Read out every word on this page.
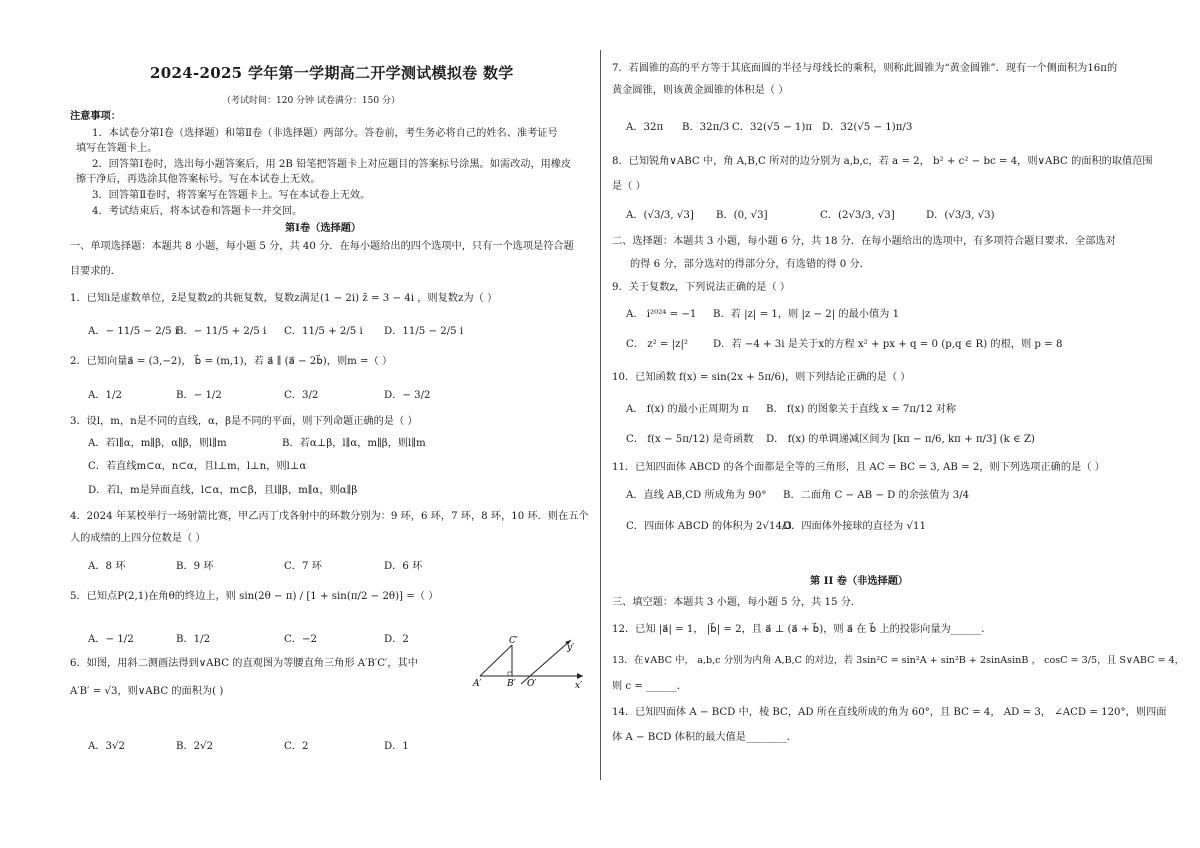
2024-2025 学年第一学期高二开学测试模拟卷 数学
（考试时间：120 分钟 试卷满分：150 分）
注意事项：
1．本试卷分第Ⅰ卷（选择题）和第Ⅱ卷（非选择题）两部分。答卷前，考生务必将自己的姓名、准考证号
填写在答题卡上。
2．回答第Ⅰ卷时，选出每小题答案后，用 2B 铅笔把答题卡上对应题目的答案标号涂黑。如需改动，用橡皮
擦干净后，再选涂其他答案标号。写在本试卷上无效。
3．回答第Ⅱ卷时，将答案写在答题卡上。写在本试卷上无效。
4．考试结束后，将本试卷和答题卡一并交回。
第Ⅰ卷（选择题）
一、单项选择题：本题共 8 小题，每小题 5 分，共 40 分．在每小题给出的四个选项中，只有一个选项是符合题
目要求的．
1．已知i是虚数单位，z̄是复数z的共轭复数，复数z满足(1 − 2i) z̄ = 3 − 4i ，则复数z为（ ）
A．− 11/5 − 2/5 i
B．− 11/5 + 2/5 i C．11/5 + 2/5 i D．11/5 − 2/5 i
2．已知向量a⃗ = (3,−2)， b⃗ = (m,1)，若 a⃗ ∥ (a⃗ − 2b⃗)，则m =（ ）
A．1/2	B．− 1/2	C．3/2	D．− 3/2
3．设l，m，n是不同的直线，α，β是不同的平面，则下列命题正确的是（ ）
A．若l∥α，m∥β，α∥β，则l∥m	B．若α⊥β，l∥α，m∥β，则l∥m
C．若直线m⊂α，n⊂α，且l⊥m，l⊥n，则l⊥α
D．若l，m是异面直线，l⊂α，m⊂β，且l∥β，m∥α，则α∥β
4．2024 年某校举行一场射箭比赛，甲乙丙丁戊各射中的环数分别为：9 环，6 环，7 环，8 环，10 环．则在五个
人的成绩的上四分位数是（ ）
A．8 环	B．9 环	C．7 环	D．6 环
5．已知点P(2,1)在角θ的终边上，则 sin(2θ − π) / [1 + sin(π/2 − 2θ)] =（ ）
A．− 1/2	B．1/2	C．−2	D．2
6．如图，用斜二测画法得到∨ABC 的直观图为等腰直角三角形 A′B′C′，其中
A′B′ = √3，则∨ABC 的面积为( )
C′
y′
A′	B′ O′	x′
A．3√2	B．2√2	C．2	D．1
7．若圆锥的高的平方等于其底面圆的半径与母线长的乘积，则称此圆锥为“黄金圆锥”．现有一个侧面积为16π的
黄金圆锥，则该黄金圆锥的体积是（ ）
A．32π B．32π/3 C．32(√5 − 1)π D．32(√5 − 1)π/3
8．已知锐角∨ABC 中，角 A,B,C 所对的边分别为 a,b,c，若 a = 2， b² + c² − bc = 4，则∨ABC 的面积的取值范围
是（ ）
A．(√3/3, √3] B．(0, √3]	C．(2√3/3, √3]	D．(√3/3, √3)
二、选择题：本题共 3 小题，每小题 6 分，共 18 分．在每小题给出的选项中，有多项符合题目要求．全部选对
的得 6 分，部分选对的得部分分，有选错的得 0 分．
9．关于复数z，下列说法正确的是（ ）
A． i²⁰²⁴ = −1 B．若 |z| = 1，则 |z − 2| 的最小值为 1
C． z² = |z|² D．若 −4 + 3i 是关于x的方程 x² + px + q = 0 (p,q ∈ R) 的根，则 p = 8
10．已知函数 f(x) = sin(2x + 5π/6)，则下列结论正确的是（ ）
A． f(x) 的最小正周期为 π B． f(x) 的图象关于直线 x = 7π/12 对称
C． f(x − 5π/12) 是奇函数 D． f(x) 的单调递减区间为 [kπ − π/6, kπ + π/3] (k ∈ Z)
11．已知四面体 ABCD 的各个面都是全等的三角形，且 AC = BC = 3, AB = 2，则下列选项正确的是（ ）
A．直线 AB,CD 所成角为 90° B．二面角 C − AB − D 的余弦值为 3/4
C．四面体 ABCD 的体积为 2√14/3
D．四面体外接球的直径为 √11
第 II 卷（非选择题）
三、填空题：本题共 3 小题，每小题 5 分，共 15 分．
12．已知 |a⃗| = 1， |b⃗| = 2，且 a⃗ ⊥ (a⃗ + b⃗)，则 a⃗ 在 b⃗ 上的投影向量为______．
13．在∨ABC 中， a,b,c 分别为内角 A,B,C 的对边，若 3sin²C = sin²A + sin²B + 2sinAsinB ， cosC = 3/5，且 S∨ABC = 4，
则 c = ______．
14．已知四面体 A − BCD 中，棱 BC，AD 所在直线所成的角为 60°，且 BC = 4， AD = 3， ∠ACD = 120°，则四面
体 A − BCD 体积的最大值是________．
